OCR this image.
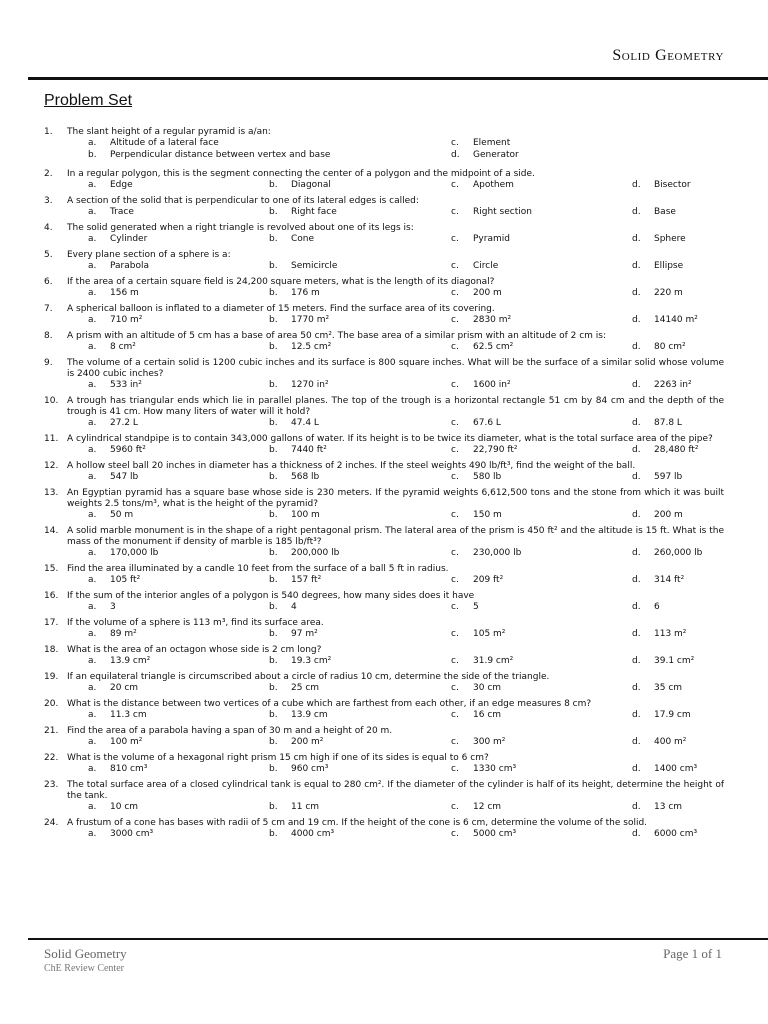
Solid Geometry
Problem Set
1. The slant height of a regular pyramid is a/an:
a. Altitude of a lateral face	c. Element
b. Perpendicular distance between vertex and base	d. Generator
2. In a regular polygon, this is the segment connecting the center of a polygon and the midpoint of a side.
a. Edge	b. Diagonal	c. Apothem	d. Bisector
3. A section of the solid that is perpendicular to one of its lateral edges is called:
a. Trace	b. Right face	c. Right section	d. Base
4. The solid generated when a right triangle is revolved about one of its legs is:
a. Cylinder	b. Cone	c. Pyramid	d. Sphere
5. Every plane section of a sphere is a:
a. Parabola	b. Semicircle	c. Circle	d. Ellipse
6. If the area of a certain square field is 24,200 square meters, what is the length of its diagonal?
a. 156 m	b. 176 m	c. 200 m	d. 220 m
7. A spherical balloon is inflated to a diameter of 15 meters. Find the surface area of its covering.
a. 710 m²	b. 1770 m²	c. 2830 m²	d. 14140 m²
8. A prism with an altitude of 5 cm has a base of area 50 cm². The base area of a similar prism with an altitude of 2 cm is:
a. 8 cm²	b. 12.5 cm²	c. 62.5 cm²	d. 80 cm²
9. The volume of a certain solid is 1200 cubic inches and its surface is 800 square inches. What will be the surface of a similar solid whose volume is 2400 cubic inches?
a. 533 in²	b. 1270 in²	c. 1600 in²	d. 2263 in²
10. A trough has triangular ends which lie in parallel planes. The top of the trough is a horizontal rectangle 51 cm by 84 cm and the depth of the trough is 41 cm. How many liters of water will it hold?
a. 27.2 L	b. 47.4 L	c. 67.6 L	d. 87.8 L
11. A cylindrical standpipe is to contain 343,000 gallons of water. If its height is to be twice its diameter, what is the total surface area of the pipe?
a. 5960 ft²	b. 7440 ft²	c. 22,790 ft²	d. 28,480 ft²
12. A hollow steel ball 20 inches in diameter has a thickness of 2 inches. If the steel weights 490 lb/ft³, find the weight of the ball.
a. 547 lb	b. 568 lb	c. 580 lb	d. 597 lb
13. An Egyptian pyramid has a square base whose side is 230 meters. If the pyramid weights 6,612,500 tons and the stone from which it was built weights 2.5 tons/m³, what is the height of the pyramid?
a. 50 m	b. 100 m	c. 150 m	d. 200 m
14. A solid marble monument is in the shape of a right pentagonal prism. The lateral area of the prism is 450 ft² and the altitude is 15 ft. What is the mass of the monument if density of marble is 185 lb/ft³?
a. 170,000 lb	b. 200,000 lb	c. 230,000 lb	d. 260,000 lb
15. Find the area illuminated by a candle 10 feet from the surface of a ball 5 ft in radius.
a. 105 ft²	b. 157 ft²	c. 209 ft²	d. 314 ft²
16. If the sum of the interior angles of a polygon is 540 degrees, how many sides does it have
a. 3	b. 4	c. 5	d. 6
17. If the volume of a sphere is 113 m³, find its surface area.
a. 89 m²	b. 97 m²	c. 105 m²	d. 113 m²
18. What is the area of an octagon whose side is 2 cm long?
a. 13.9 cm²	b. 19.3 cm²	c. 31.9 cm²	d. 39.1 cm²
19. If an equilateral triangle is circumscribed about a circle of radius 10 cm, determine the side of the triangle.
a. 20 cm	b. 25 cm	c. 30 cm	d. 35 cm
20. What is the distance between two vertices of a cube which are farthest from each other, if an edge measures 8 cm?
a. 11.3 cm	b. 13.9 cm	c. 16 cm	d. 17.9 cm
21. Find the area of a parabola having a span of 30 m and a height of 20 m.
a. 100 m²	b. 200 m²	c. 300 m²	d. 400 m²
22. What is the volume of a hexagonal right prism 15 cm high if one of its sides is equal to 6 cm?
a. 810 cm³	b. 960 cm³	c. 1330 cm³	d. 1400 cm³
23. The total surface area of a closed cylindrical tank is equal to 280 cm². If the diameter of the cylinder is half of its height, determine the height of the tank.
a. 10 cm	b. 11 cm	c. 12 cm	d. 13 cm
24. A frustum of a cone has bases with radii of 5 cm and 19 cm. If the height of the cone is 6 cm, determine the volume of the solid.
a. 3000 cm³	b. 4000 cm³	c. 5000 cm³	d. 6000 cm³
Solid Geometry
ChE Review Center
Page 1 of 1
